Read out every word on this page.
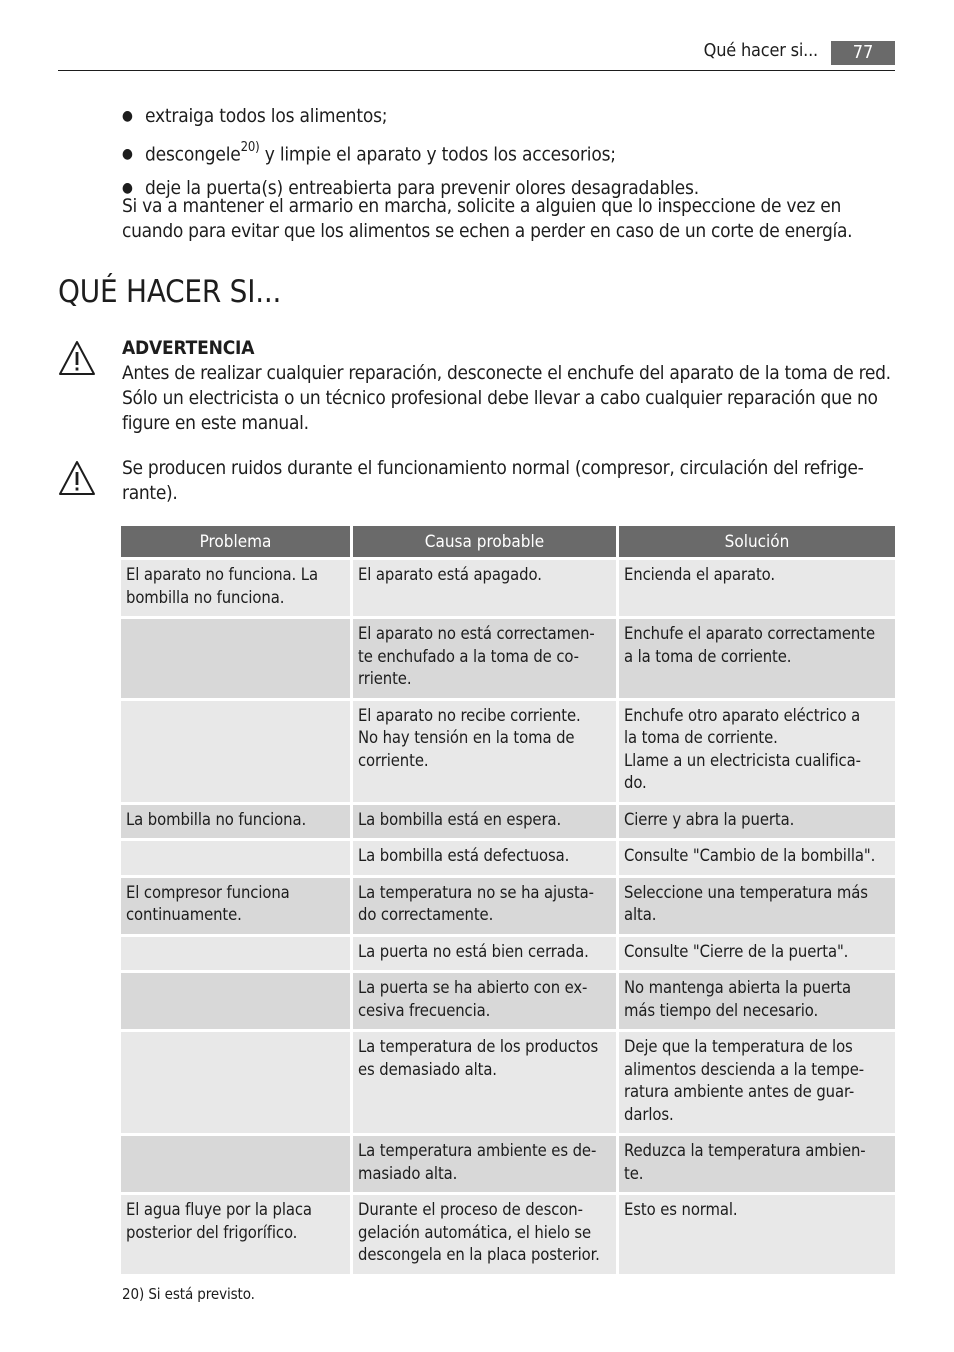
Qué hacer si...	77
● extraiga todos los alimentos;
● descongele$^{20)}$ y limpie el aparato y todos los accesorios;
● deje la puerta(s) entreabierta para prevenir olores desagradables.
Si va a mantener el armario en marcha, solicite a alguien que lo inspeccione de vez en cuando para evitar que los alimentos se echen a perder en caso de un corte de energía.
QUÉ HACER SI...
ADVERTENCIA
Antes de realizar cualquier reparación, desconecte el enchufe del aparato de la toma de red. Sólo un electricista o un técnico profesional debe llevar a cabo cualquier reparación que no figure en este manual.
Se producen ruidos durante el funcionamiento normal (compresor, circulación del refrige-
rante).
Problema	Causa probable	Solución
El aparato no funciona. La
bombilla no funciona.	El aparato está apagado.	Encienda el aparato.
	El aparato no está correctamen-
te enchufado a la toma de co-
rriente.	Enchufe el aparato correctamente
a la toma de corriente.
	El aparato no recibe corriente.
No hay tensión en la toma de
corriente.	Enchufe otro aparato eléctrico a
la toma de corriente.
Llame a un electricista cualifica-
do.
La bombilla no funciona.	La bombilla está en espera.	Cierre y abra la puerta.
	La bombilla está defectuosa.	Consulte "Cambio de la bombilla".
El compresor funciona
continuamente.	La temperatura no se ha ajusta-
do correctamente.	Seleccione una temperatura más
alta.
	La puerta no está bien cerrada.	Consulte "Cierre de la puerta".
	La puerta se ha abierto con ex-
cesiva frecuencia.	No mantenga abierta la puerta
más tiempo del necesario.
	La temperatura de los productos
es demasiado alta.	Deje que la temperatura de los
alimentos descienda a la tempe-
ratura ambiente antes de guar-
darlos.
	La temperatura ambiente es de-
masiado alta.	Reduzca la temperatura ambien-
te.
El agua fluye por la placa
posterior del frigorífico.	Durante el proceso de descon-
gelación automática, el hielo se
descongela en la placa posterior.	Esto es normal.
20) Si está previsto.
